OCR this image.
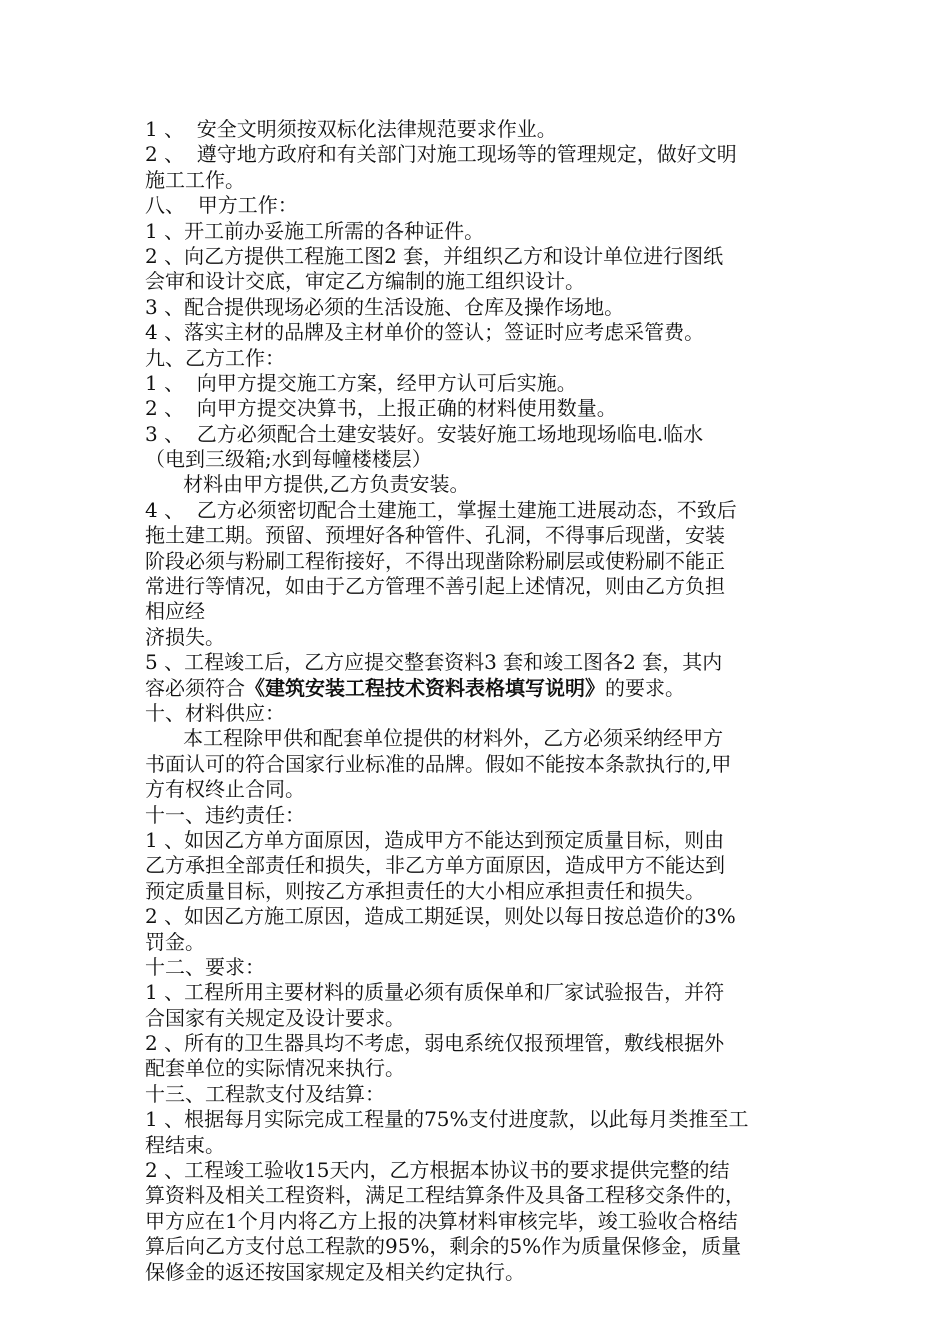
1 、  安全文明须按双标化法律规范要求作业。
2 、  遵守地方政府和有关部门对施工现场等的管理规定，做好文明
施工工作。
八、  甲方工作：
1 、开工前办妥施工所需的各种证件。
2 、向乙方提供工程施工图2 套，并组织乙方和设计单位进行图纸
会审和设计交底，审定乙方编制的施工组织设计。
3 、配合提供现场必须的生活设施、仓库及操作场地。
4 、落实主材的品牌及主材单价的签认；签证时应考虑采管费。
九、乙方工作：
1 、  向甲方提交施工方案，经甲方认可后实施。
2 、  向甲方提交决算书，上报正确的材料使用数量。
3 、  乙方必须配合土建安装好。安装好施工场地现场临电.临水
（电到三级箱;水到每幢楼楼层）
材料由甲方提供,乙方负责安装。
4 、  乙方必须密切配合土建施工，掌握土建施工进展动态，不致后
拖土建工期。预留、预埋好各种管件、孔洞，不得事后现凿，安装
阶段必须与粉刷工程衔接好，不得出现凿除粉刷层或使粉刷不能正
常进行等情况，如由于乙方管理不善引起上述情况，则由乙方负担
相应经
济损失。
5 、工程竣工后，乙方应提交整套资料3 套和竣工图各2 套，其内
容必须符合《建筑安装工程技术资料表格填写说明》的要求。
十、材料供应：
本工程除甲供和配套单位提供的材料外，乙方必须采纳经甲方
书面认可的符合国家行业标准的品牌。假如不能按本条款执行的,甲
方有权终止合同。
十一、违约责任：
1 、如因乙方单方面原因，造成甲方不能达到预定质量目标，则由
乙方承担全部责任和损失，非乙方单方面原因，造成甲方不能达到
预定质量目标，则按乙方承担责任的大小相应承担责任和损失。
2 、如因乙方施工原因，造成工期延误，则处以每日按总造价的3%
罚金。
十二、要求：
1 、工程所用主要材料的质量必须有质保单和厂家试验报告，并符
合国家有关规定及设计要求。
2 、所有的卫生器具均不考虑，弱电系统仅报预埋管，敷线根据外
配套单位的实际情况来执行。
十三、工程款支付及结算：
1 、根据每月实际完成工程量的75%支付进度款，以此每月类推至工
程结束。
2 、工程竣工验收15天内，乙方根据本协议书的要求提供完整的结
算资料及相关工程资料，满足工程结算条件及具备工程移交条件的，
甲方应在1个月内将乙方上报的决算材料审核完毕，竣工验收合格结
算后向乙方支付总工程款的95%，剩余的5%作为质量保修金，质量
保修金的返还按国家规定及相关约定执行。
